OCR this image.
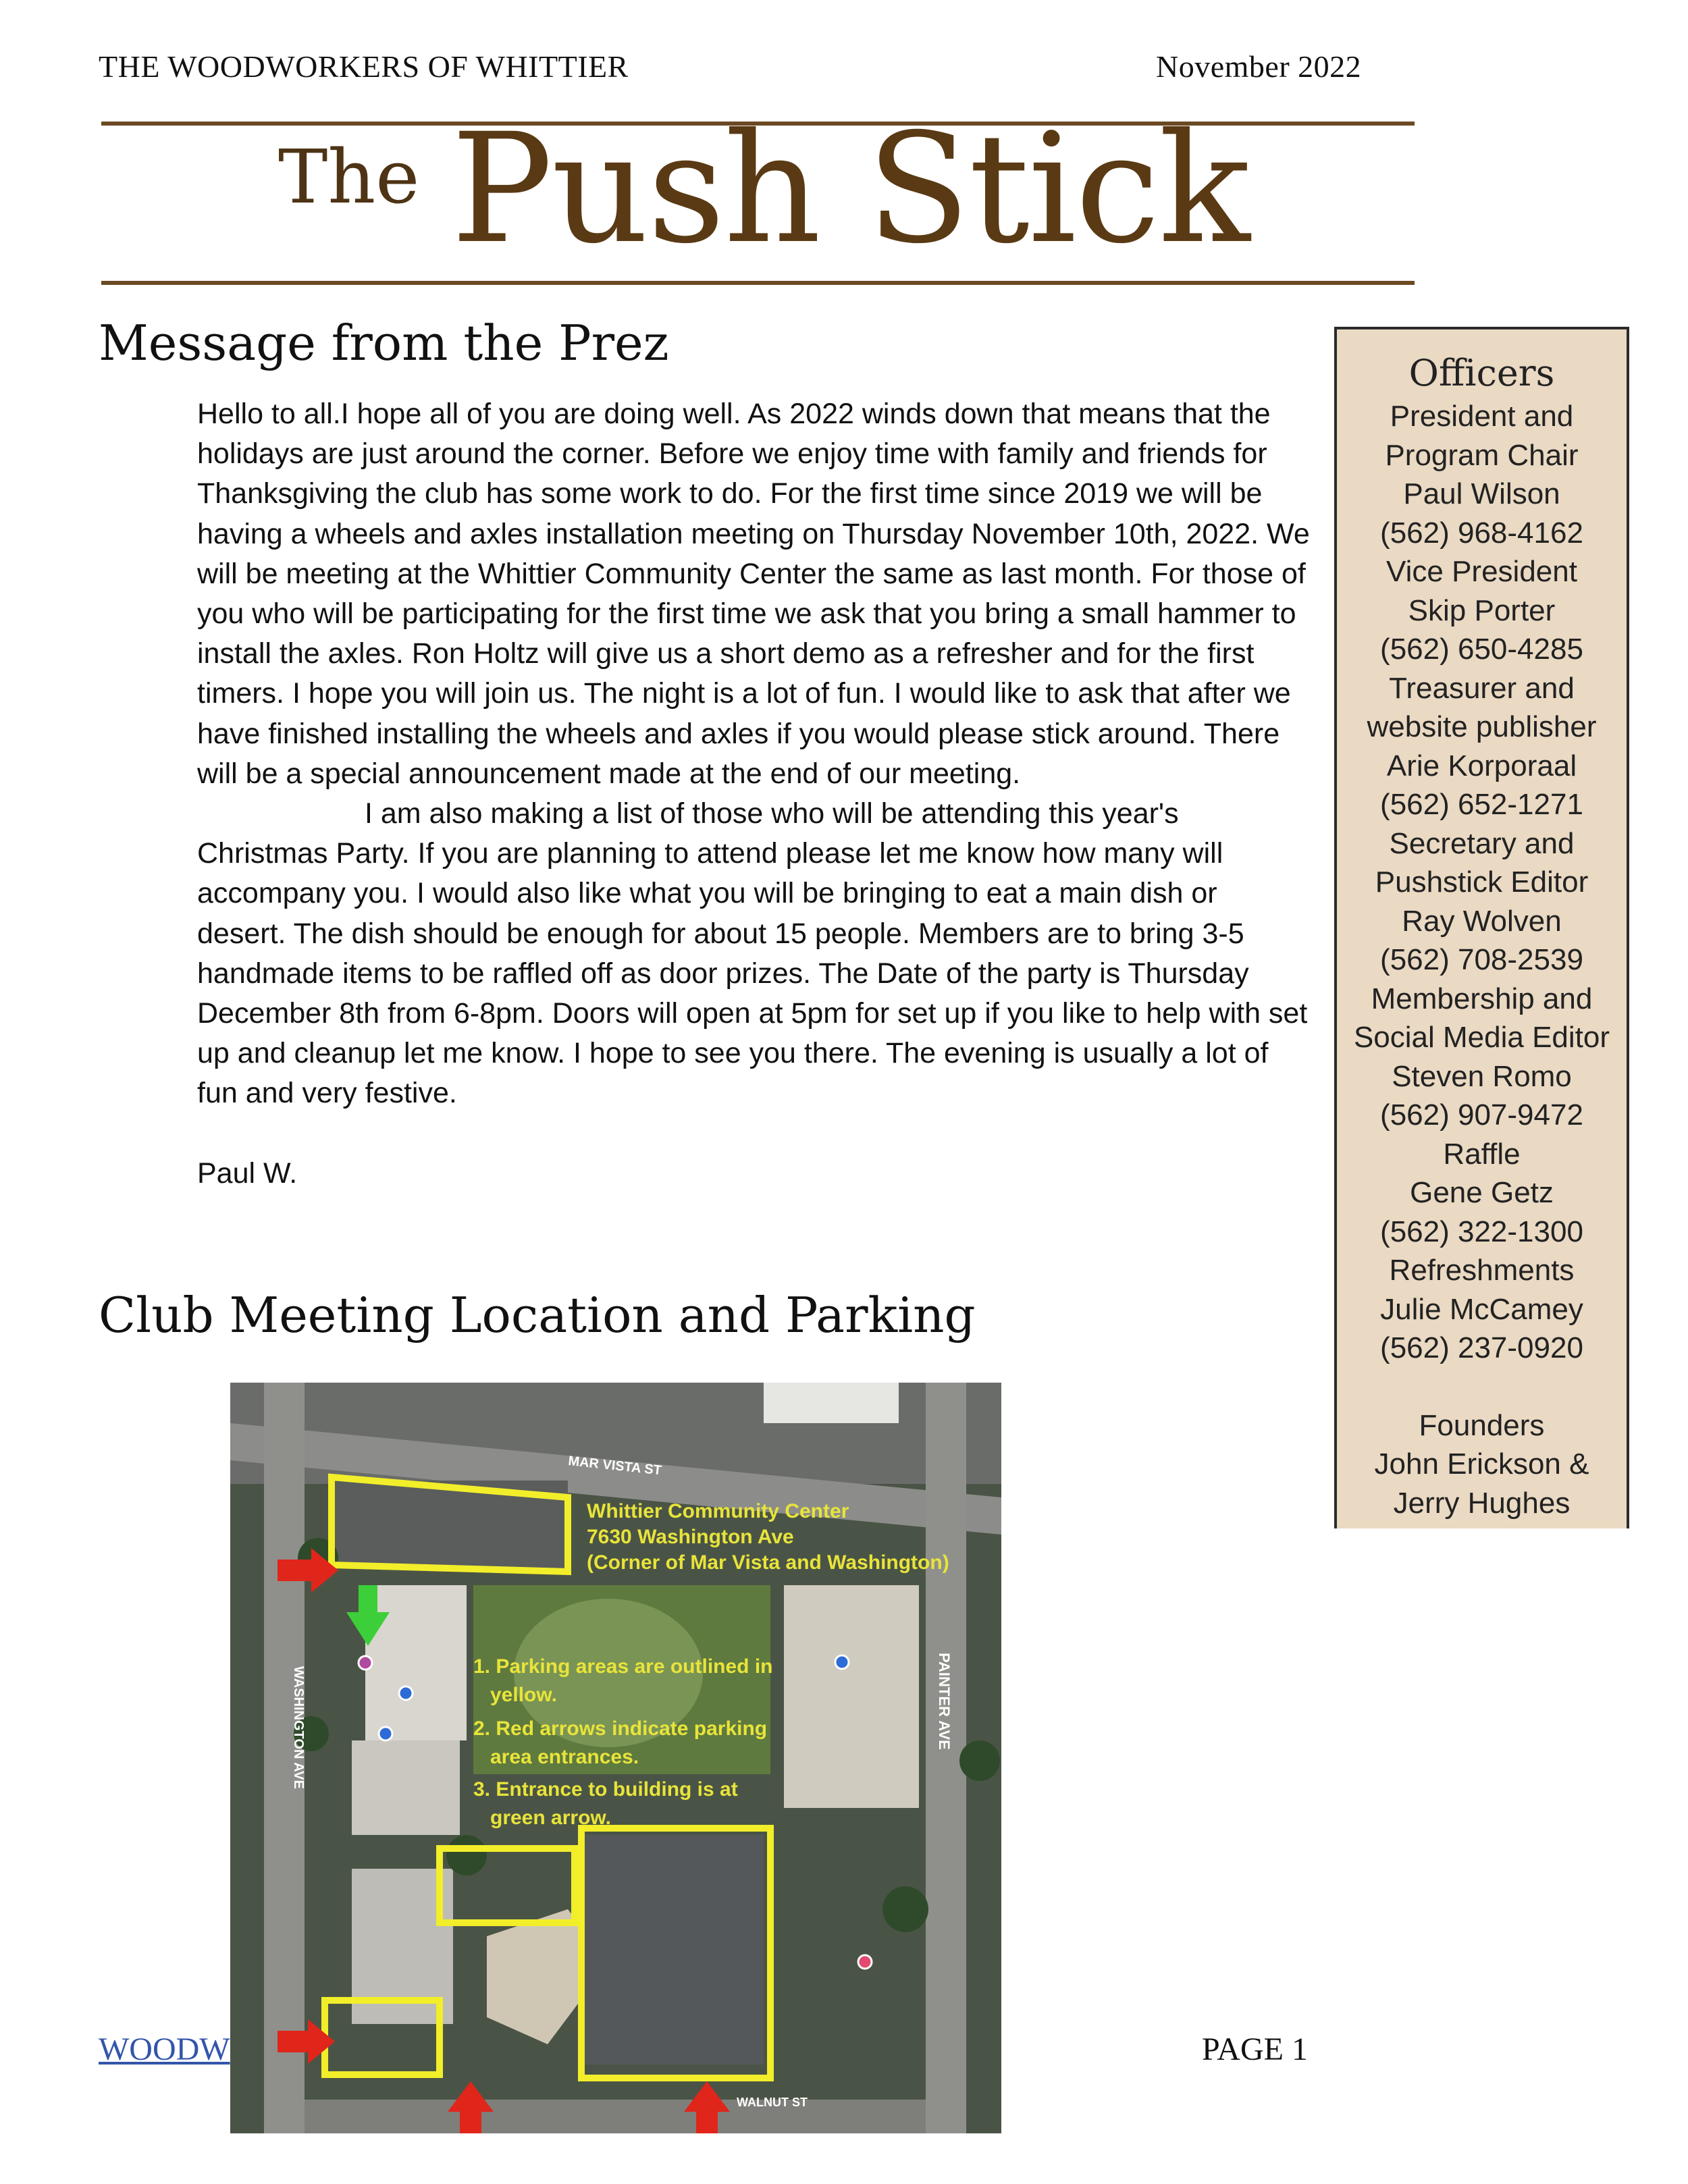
THE WOODWORKERS OF WHITTIER	November 2022
The Push Stick
Message from the Prez

Hello to all.I hope all of you are doing well. As 2022 winds down that means that the holidays are just around the corner. Before we enjoy time with family and friends for Thanksgiving the club has some work to do. For the first time since 2019 we will be having a wheels and axles installation meeting on Thursday November 10th, 2022. We will be meeting at the Whittier Community Center the same as last month. For those of you who will be participating for the first time we ask that you bring a small hammer to install the axles. Ron Holtz will give us a short demo as a refresher and for the first timers. I hope you will join us. The night is a lot of fun. I would like to ask that after we have finished installing the wheels and axles if you would please stick around. There will be a special announcement made at the end of our meeting.

I am also making a list of those who will be attending this year's Christmas Party. If you are planning to attend please let me know how many will accompany you. I would also like what you will be bringing to eat a main dish or desert. The dish should be enough for about 15 people. Members are to bring 3-5 handmade items to be raffled off as door prizes. The Date of the party is Thursday December 8th from 6-8pm. Doors will open at 5pm for set up if you like to help with set up and cleanup let me know. I hope to see you there. The evening is usually a lot of fun and very festive.

Paul W.

Officers
President and
Program Chair
Paul Wilson
(562) 968-4162
Vice President
Skip Porter
(562) 650-4285
Treasurer and
website publisher
Arie Korporaal
(562) 652-1271
Secretary and
Pushstick Editor
Ray Wolven
(562) 708-2539
Membership and
Social Media Editor
Steven Romo
(562) 907-9472
Raffle
Gene Getz
(562) 322-1300
Refreshments
Julie McCamey
(562) 237-0920
Founders
John Erickson &
Jerry Hughes
Club Meeting Location and Parking
MAR VISTA ST
WASHINGTON AVE	PAINTER AVE
WALNUT ST
Whittier Community Center
7630 Washington Ave
(Corner of Mar Vista and Washington)
1. Parking areas are outlined in
yellow.
2. Red arrows indicate parking
area entrances.
3. Entrance to building is at
green arrow.
WOODW	PAGE 1
